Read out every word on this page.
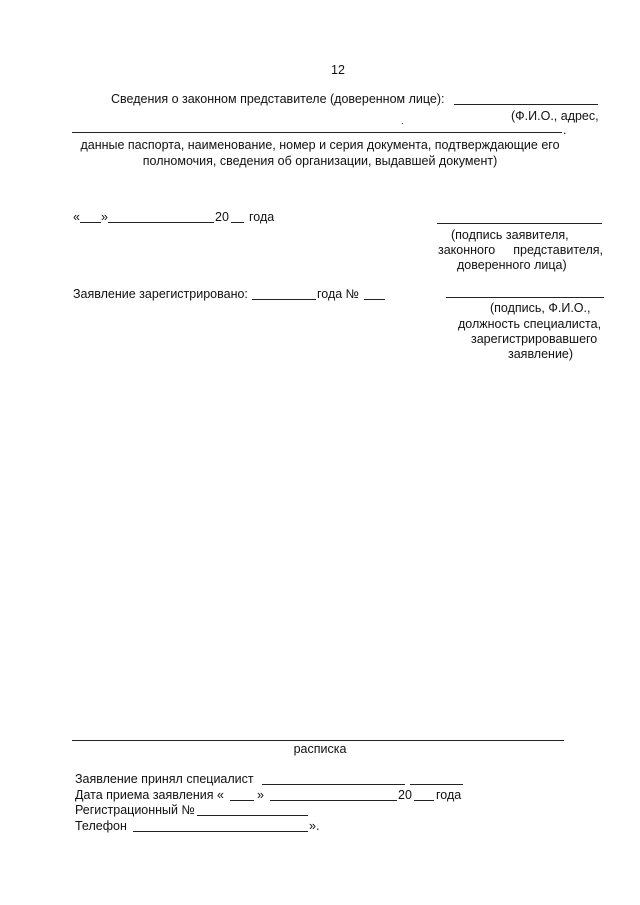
12
Сведения о законном представителе (доверенном лице):
(Ф.И.О., адрес,
.
.
данные паспорта, наименование, номер и серия документа, подтверждающие его
полномочия, сведения об организации, выдавшей документ)
« »	20 года
(подпись заявителя,
законного представителя,
доверенного лица)
Заявление зарегистрировано:	года №
(подпись, Ф.И.О.,
должность специалиста,
зарегистрировавшего
заявление)
расписка
Заявление принял специалист
Дата приема заявления «	»	20 года
Регистрационный №
Телефон	».
